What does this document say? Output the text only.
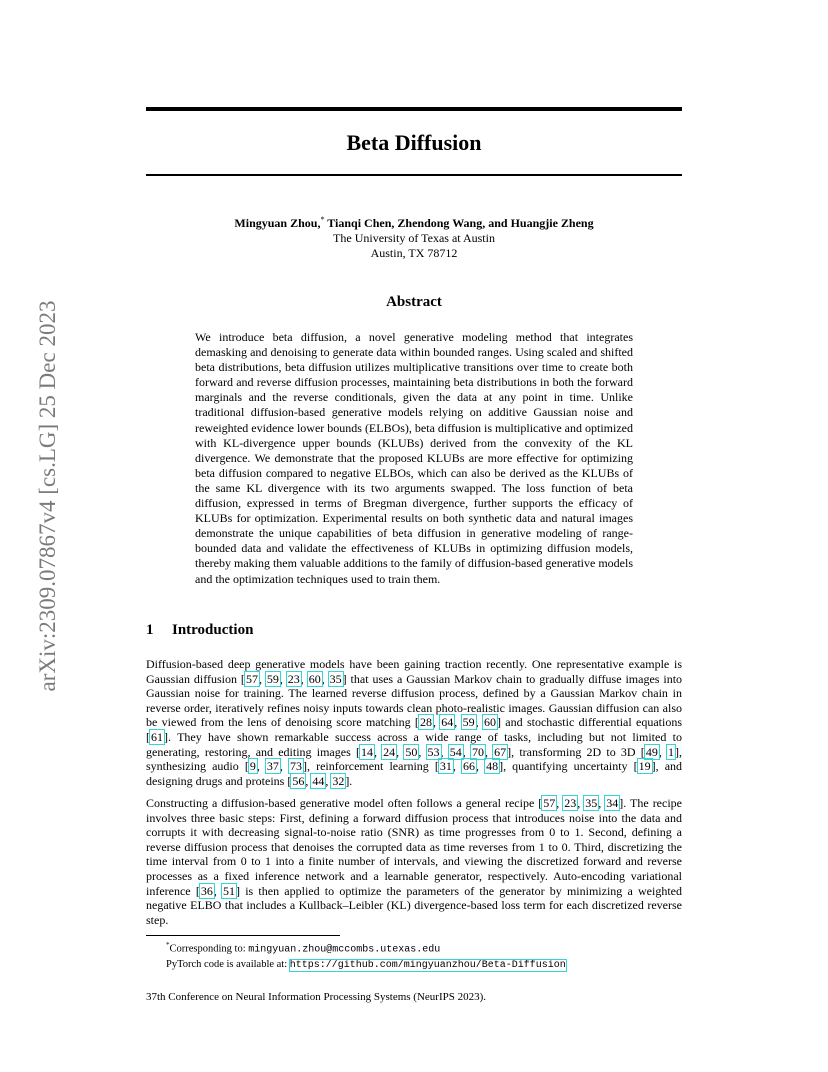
Beta Diffusion
arXiv:2309.07867v4 [cs.LG] 25 Dec 2023
Mingyuan Zhou,* Tianqi Chen, Zhendong Wang, and Huangjie Zheng
The University of Texas at Austin
Austin, TX 78712
Abstract
We introduce beta diffusion, a novel generative modeling method that integrates demasking and denoising to generate data within bounded ranges. Using scaled and shifted beta distributions, beta diffusion utilizes multiplicative transitions over time to create both forward and reverse diffusion processes, maintaining beta distributions in both the forward marginals and the reverse conditionals, given the data at any point in time. Unlike traditional diffusion-based generative models relying on additive Gaussian noise and reweighted evidence lower bounds (ELBOs), beta diffusion is multiplicative and optimized with KL-divergence upper bounds (KLUBs) derived from the convexity of the KL divergence. We demonstrate that the proposed KLUBs are more effective for optimizing beta diffusion compared to negative ELBOs, which can also be derived as the KLUBs of the same KL divergence with its two arguments swapped. The loss function of beta diffusion, expressed in terms of Bregman divergence, further supports the efficacy of KLUBs for optimization. Experimental results on both synthetic data and natural images demonstrate the unique capabilities of beta diffusion in generative modeling of range-bounded data and validate the effectiveness of KLUBs in optimizing diffusion models, thereby making them valuable additions to the family of diffusion-based generative models and the optimization techniques used to train them.
1 Introduction
Diffusion-based deep generative models have been gaining traction recently. One representative example is Gaussian diffusion [57, 59, 23, 60, 35] that uses a Gaussian Markov chain to gradually diffuse images into Gaussian noise for training. The learned reverse diffusion process, defined by a Gaussian Markov chain in reverse order, iteratively refines noisy inputs towards clean photo-realistic images. Gaussian diffusion can also be viewed from the lens of denoising score matching [28, 64, 59, 60] and stochastic differential equations [61]. They have shown remarkable success across a wide range of tasks, including but not limited to generating, restoring, and editing images [14, 24, 50, 53, 54, 70, 67], transforming 2D to 3D [49, 1], synthesizing audio [9, 37, 73], reinforcement learning [31, 66, 48], quantifying uncertainty [19], and designing drugs and proteins [56, 44, 32].
Constructing a diffusion-based generative model often follows a general recipe [57, 23, 35, 34]. The recipe involves three basic steps: First, defining a forward diffusion process that introduces noise into the data and corrupts it with decreasing signal-to-noise ratio (SNR) as time progresses from 0 to 1. Second, defining a reverse diffusion process that denoises the corrupted data as time reverses from 1 to 0. Third, discretizing the time interval from 0 to 1 into a finite number of intervals, and viewing the discretized forward and reverse processes as a fixed inference network and a learnable generator, respectively. Auto-encoding variational inference [36, 51] is then applied to optimize the parameters of the generator by minimizing a weighted negative ELBO that includes a Kullback–Leibler (KL) divergence-based loss term for each discretized reverse step.
*Corresponding to: mingyuan.zhou@mccombs.utexas.edu
PyTorch code is available at: https://github.com/mingyuanzhou/Beta-Diffusion
37th Conference on Neural Information Processing Systems (NeurIPS 2023).
